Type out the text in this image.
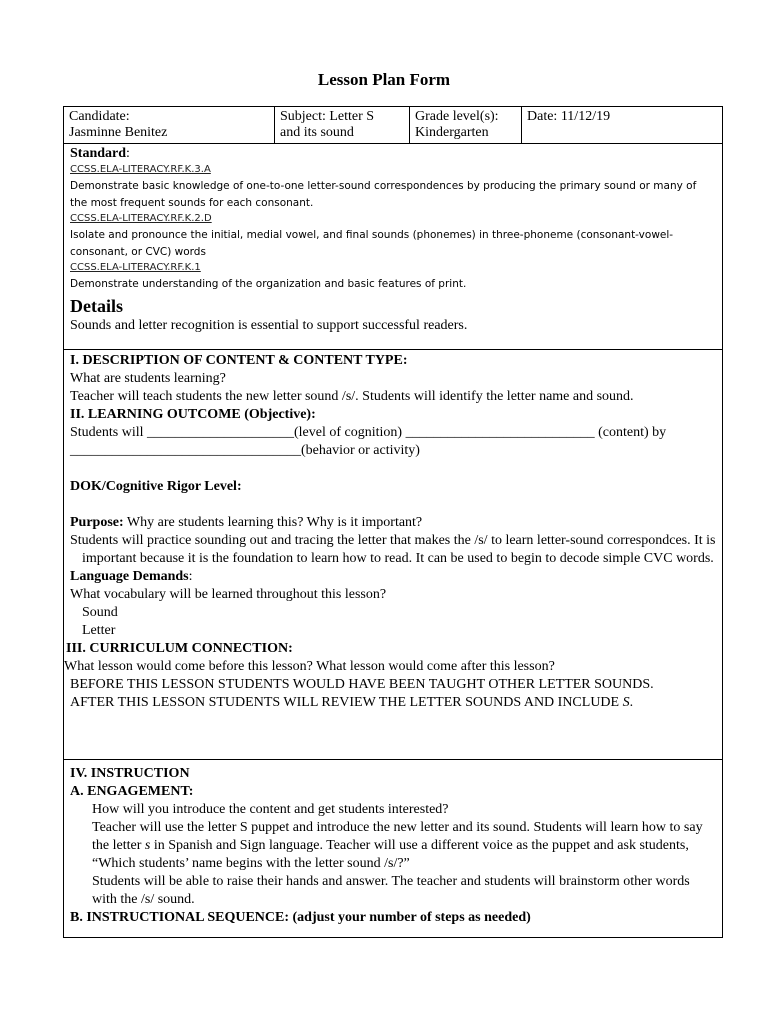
Lesson Plan Form
Candidate:
Jasminne Benitez
Subject: Letter S
and its sound
Grade level(s):
Kindergarten
Date: 11/12/19
Standard:
CCSS.ELA-LITERACY.RF.K.3.A
Demonstrate basic knowledge of one-to-one letter-sound correspondences by producing the primary sound or many of the most frequent sounds for each consonant.
CCSS.ELA-LITERACY.RF.K.2.D
Isolate and pronounce the initial, medial vowel, and final sounds (phonemes) in three-phoneme (consonant-vowel-consonant, or CVC) words
CCSS.ELA-LITERACY.RF.K.1
Demonstrate understanding of the organization and basic features of print.
Details
Sounds and letter recognition is essential to support successful readers.
I. DESCRIPTION OF CONTENT & CONTENT TYPE:
What are students learning?
Teacher will teach students the new letter sound /s/. Students will identify the letter name and sound.
II. LEARNING OUTCOME (Objective):
Students will _____________________(level of cognition) ___________________________ (content) by
_________________________________(behavior or activity)
DOK/Cognitive Rigor Level:
Purpose: Why are students learning this? Why is it important?
Students will practice sounding out and tracing the letter that makes the /s/ to learn letter-sound correspondces. It is important because it is the foundation to learn how to read. It can be used to begin to decode simple CVC words.
Language Demands:
What vocabulary will be learned throughout this lesson?
Sound
Letter
III. CURRICULUM CONNECTION:
What lesson would come before this lesson? What lesson would come after this lesson?
BEFORE THIS LESSON STUDENTS WOULD HAVE BEEN TAUGHT OTHER LETTER SOUNDS.
AFTER THIS LESSON STUDENTS WILL REVIEW THE LETTER SOUNDS AND INCLUDE S.
IV. INSTRUCTION
A. ENGAGEMENT:
How will you introduce the content and get students interested?
Teacher will use the letter S puppet and introduce the new letter and its sound. Students will learn how to say the letter s in Spanish and Sign language. Teacher will use a different voice as the puppet and ask students, “Which students’ name begins with the letter sound /s/?”
Students will be able to raise their hands and answer. The teacher and students will brainstorm other words with the /s/ sound.
B. INSTRUCTIONAL SEQUENCE: (adjust your number of steps as needed)
